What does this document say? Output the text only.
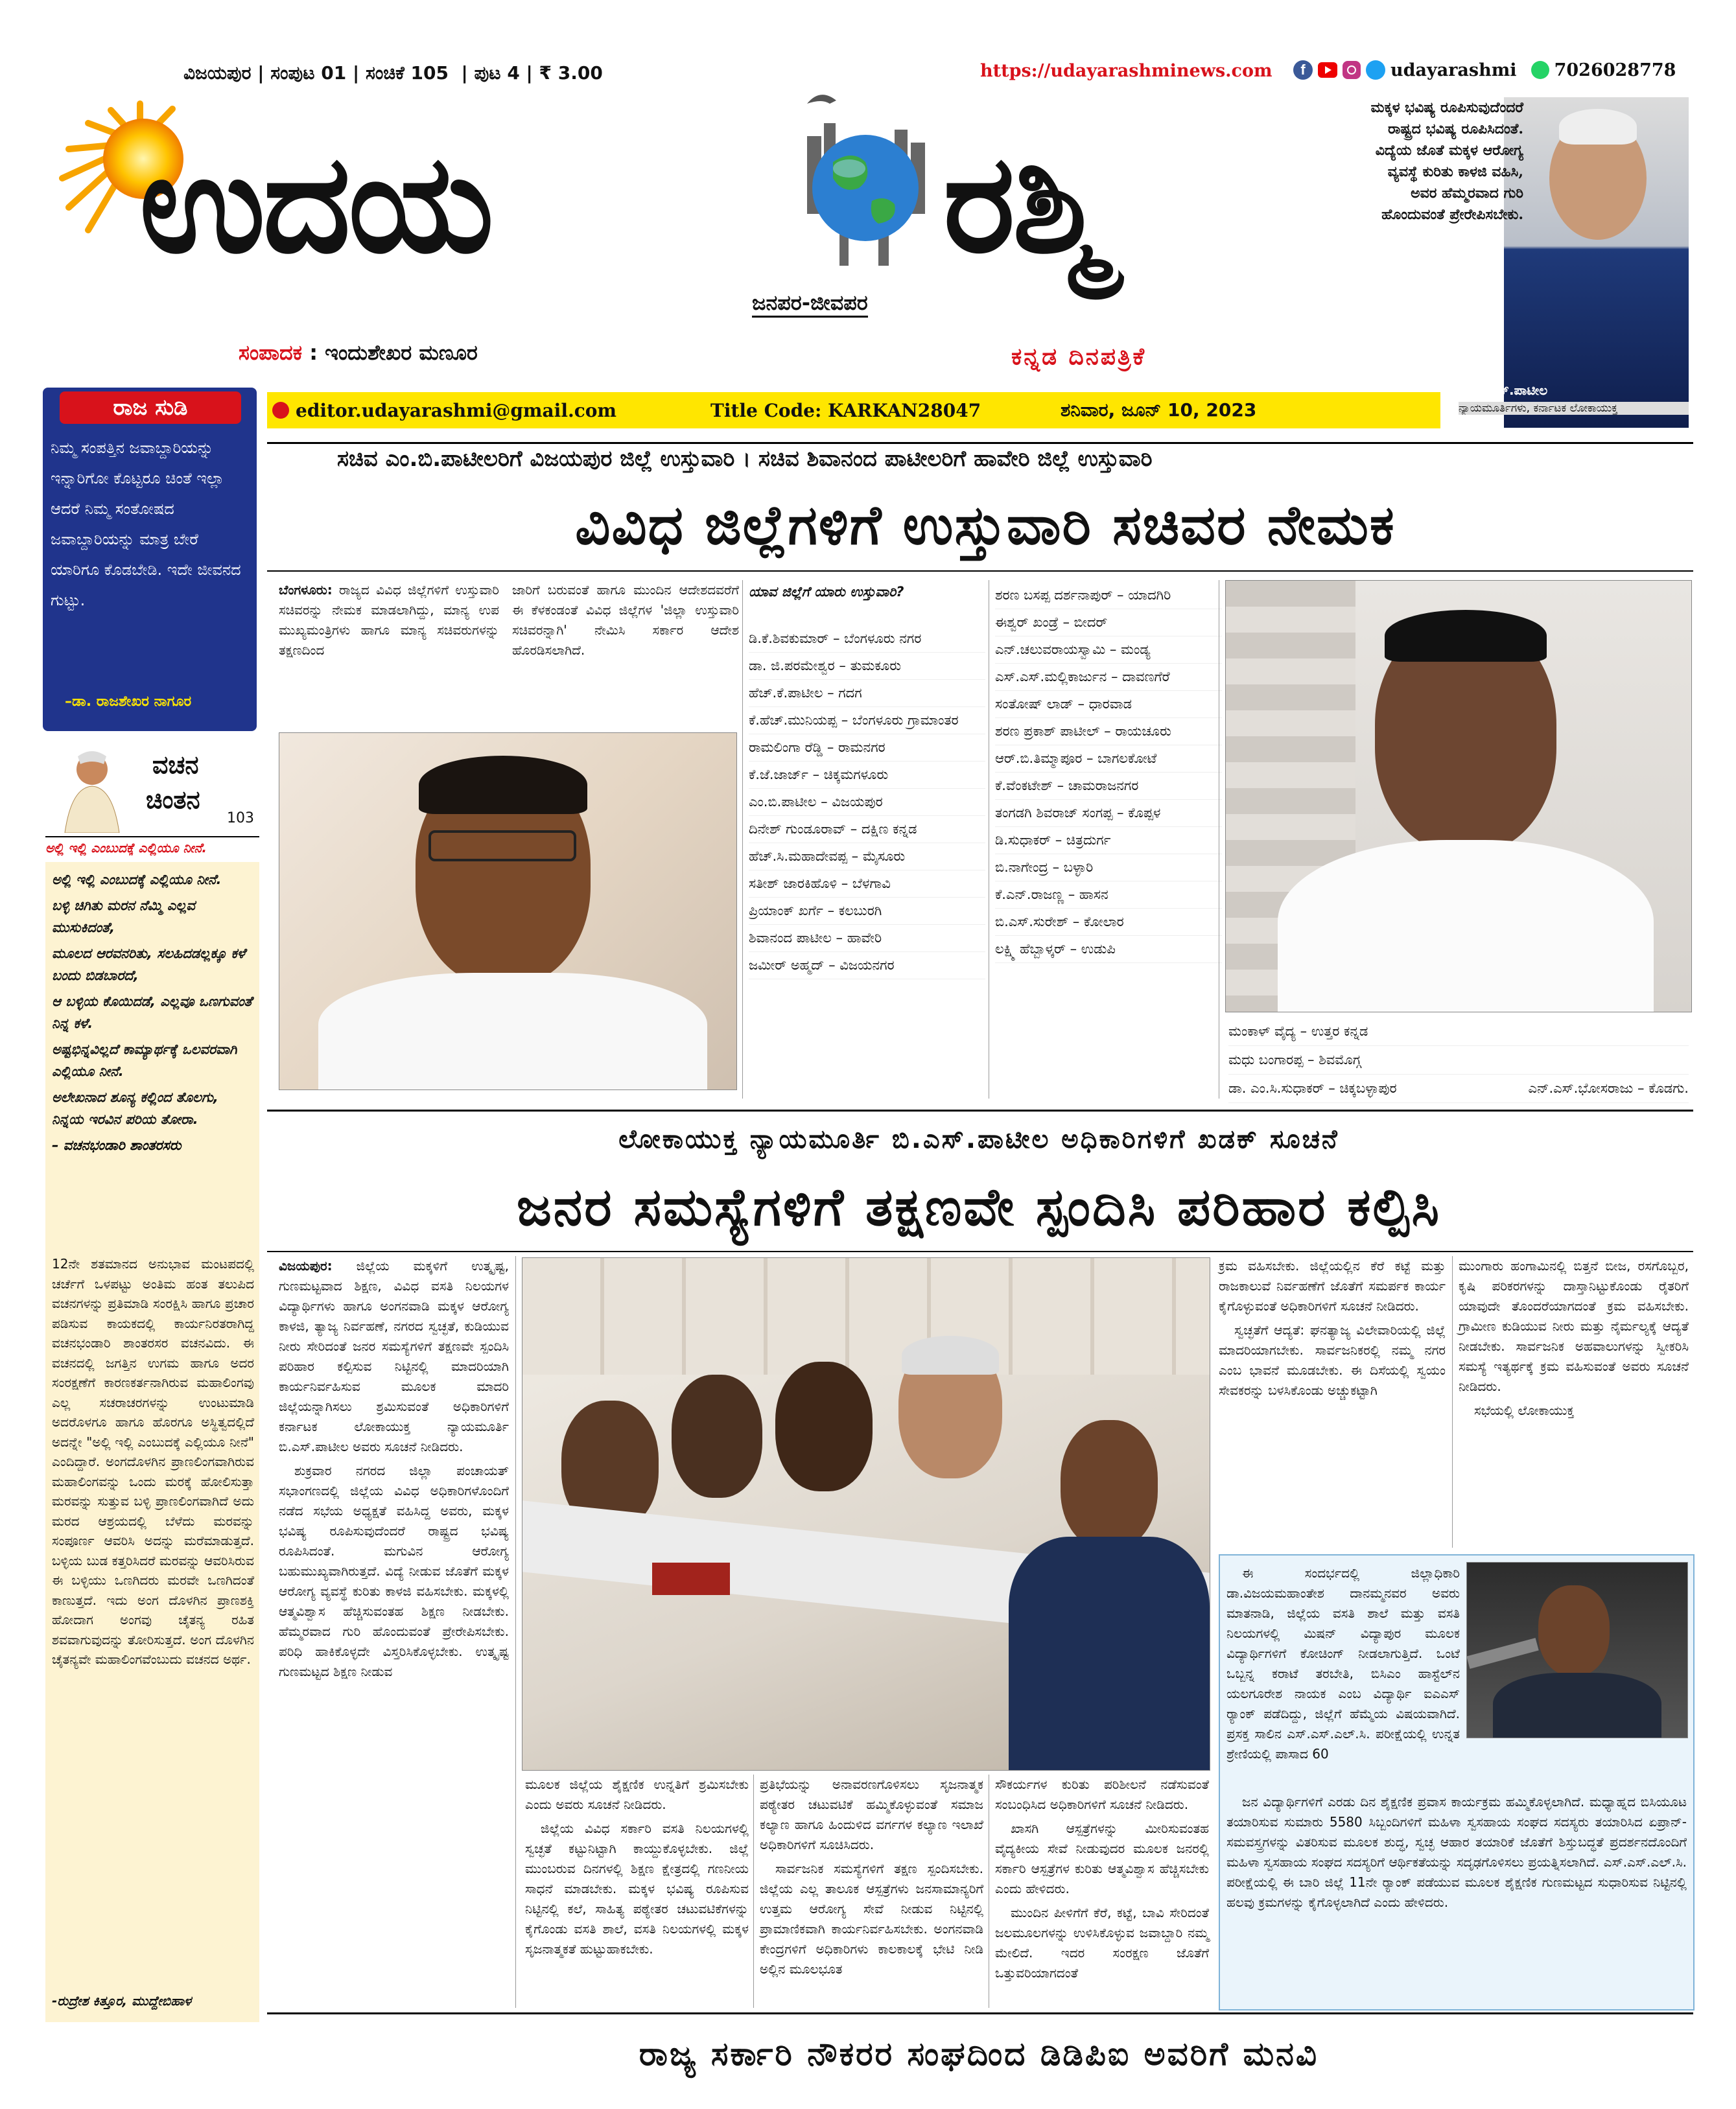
ವಿಜಯಪುರ | ಸಂಪುಟ 01 | ಸಂಚಿಕೆ 105  | ಪುಟ 4 | ₹ 3.00	https://udayarashminews.com	f	udayarashmi 7026028778
ಉದಯ	ರಶ್ಮಿ
ಜನಪರ-ಜೀವಪರ
ಸಂಪಾದಕ : ಇಂದುಶೇಖರ ಮಣೂರ	ಕನ್ನಡ ದಿನಪತ್ರಿಕೆ
editor.udayarashmi@gmail.com	Title Code: KARKAN28047	ಶನಿವಾರ, ಜೂನ್ 10, 2023
ಮಕ್ಕಳ ಭವಿಷ್ಯ ರೂಪಿಸುವುದೆಂದರೆ ರಾಷ್ಟ್ರದ ಭವಿಷ್ಯ ರೂಪಿಸಿದಂತೆ. ವಿದ್ಯೆಯ ಜೊತೆ ಮಕ್ಕಳ ಆರೋಗ್ಯ ವ್ಯವಸ್ಥೆ ಕುರಿತು ಕಾಳಜಿ ವಹಿಸಿ, ಅವರ ಹೆಮ್ಮರವಾದ ಗುರಿ ಹೊಂದುವಂತೆ ಪ್ರೇರೇಪಿಸಬೇಕು.
– ಬಿ.ಎಸ್.ಪಾಟೀಲ
ನ್ಯಾಯಮೂರ್ತಿಗಳು, ಕರ್ನಾಟಕ ಲೋಕಾಯುಕ್ತ
ರಾಜ ಸುಡಿ
ನಿಮ್ಮ ಸಂಪತ್ತಿನ ಜವಾಬ್ದಾರಿಯನ್ನು ಇನ್ನಾರಿಗೋ ಕೊಟ್ಟರೂ ಚಿಂತೆ ಇಲ್ಲಾ ಆದರೆ ನಿಮ್ಮ ಸಂತೋಷದ ಜವಾಬ್ದಾರಿಯನ್ನು ಮಾತ್ರ ಬೇರೆ ಯಾರಿಗೂ ಕೊಡಬೇಡಿ. ಇದೇ ಜೀವನದ ಗುಟ್ಟು.
–ಡಾ. ರಾಜಶೇಖರ ನಾಗೂರ
ವಚನ
ಚಿಂತನ
103
ಅಲ್ಲಿ ಇಲ್ಲಿ ಎಂಬುದಕ್ಕೆ ಎಲ್ಲಿಯೂ ನೀನೆ.
ಅಲ್ಲಿ ಇಲ್ಲಿ ಎಂಬುದಕ್ಕೆ ಎಲ್ಲಿಯೂ ನೀನೆ.
ಬಳ್ಳಿ ಚಿಗಿತು ಮರನ ನೆಮ್ಮಿ ಎಲ್ಲವ ಮುಸುಕಿದಂತೆ,
ಮೂಲದ ಆರವನರಿತು, ಸಲಹಿದಡಲ್ಲಕ್ಕೂ ಕಳೆ ಬಂದು ಬಿಡಬಾರದೆ,
ಆ ಬಳ್ಳಿಯ ಕೊಯಿದಡೆ, ಎಲ್ಲವೂ ಒಣಗುವಂತೆ ನಿನ್ನ ಕಳೆ.
ಅಷ್ಟಭಿನ್ನವಿಲ್ಲದೆ ಕಾಮ್ಯಾರ್ಥಕ್ಕೆ ಒಲವರವಾಗಿ ಎಲ್ಲಿಯೂ ನೀನೆ.
ಅಲೇಖನಾದ ಶೂನ್ಯ ಕಲ್ಲಿಂದ ತೊಲಗು, ನಿನ್ನಯ ಇರವಿನ ಪರಿಯ ತೋರಾ.
– ವಚನಭಂಡಾರಿ ಶಾಂತರಸರು
12ನೇ ಶತಮಾನದ ಅನುಭಾವ ಮಂಟಪದಲ್ಲಿ ಚರ್ಚೆಗೆ ಒಳಪಟ್ಟು ಅಂತಿಮ ಹಂತ ತಲುಪಿದ ವಚನಗಳನ್ನು ಪ್ರತಿಮಾಡಿ ಸಂರಕ್ಷಿಸಿ ಹಾಗೂ ಪ್ರಚಾರ ಪಡಿಸುವ ಕಾಯಕದಲ್ಲಿ ಕಾರ್ಯನಿರತರಾಗಿದ್ದ ವಚನಭಂಡಾರಿ ಶಾಂತರಸರ ವಚನವಿದು. ಈ ವಚನದಲ್ಲಿ ಜಗತ್ತಿನ ಉಗಮ ಹಾಗೂ ಅದರ ಸಂರಕ್ಷಣೆಗೆ ಕಾರಣಕರ್ತನಾಗಿರುವ ಮಹಾಲಿಂಗವು ಎಲ್ಲ ಸಚರಾಚರಗಳನ್ನು ಉಂಟುಮಾಡಿ ಅದರೊಳಗೂ ಹಾಗೂ ಹೊರಗೂ ಅಸ್ಥಿತ್ವದಲ್ಲಿದೆ ಅದನ್ನೇ "ಅಲ್ಲಿ ಇಲ್ಲಿ ಎಂಬುದಕ್ಕೆ ಎಲ್ಲಿಯೂ ನೀನೆ" ಎಂದಿದ್ದಾರೆ. ಅಂಗದೊಳಗಿನ ಪ್ರಾಣಲಿಂಗವಾಗಿರುವ ಮಹಾಲಿಂಗವನ್ನು ಒಂದು ಮರಕ್ಕೆ ಹೋಲಿಸುತ್ತಾ ಮರವನ್ನು ಸುತ್ತುವ ಬಳ್ಳಿ ಪ್ರಾಣಲಿಂಗವಾಗಿದೆ ಅದು ಮರದ ಆಶ್ರಯದಲ್ಲಿ ಬೆಳೆದು ಮರವನ್ನು ಸಂಪೂರ್ಣ ಆವರಿಸಿ ಅದನ್ನು ಮರೆಮಾಡುತ್ತದೆ. ಬಳ್ಳಿಯ ಬುಡ ಕತ್ತರಿಸಿದರೆ ಮರವನ್ನು ಆವರಿಸಿರುವ ಈ ಬಳ್ಳಿಯು ಒಣಗಿದರು ಮರವೇ ಒಣಗಿದಂತೆ ಕಾಣುತ್ತದೆ. ಇದು ಅಂಗ ದೊಳಗಿನ ಪ್ರಾಣಶಕ್ತಿ ಹೋದಾಗ ಅಂಗವು ಚೈತನ್ಯ ರಹಿತ ಶವವಾಗುವುದನ್ನು ತೋರಿಸುತ್ತದೆ. ಅಂಗ ದೊಳಗಿನ ಚೈತನ್ಯವೇ ಮಹಾಲಿಂಗವೆಂಬುದು ವಚನದ ಅರ್ಥ.
-ರುದ್ರೇಶ ಕಿತ್ತೂರ, ಮುದ್ದೇಬಿಹಾಳ
ಸಚಿವ ಎಂ.ಬಿ.ಪಾಟೀಲರಿಗೆ ವಿಜಯಪುರ ಜಿಲ್ಲೆ ಉಸ್ತುವಾರಿ । ಸಚಿವ ಶಿವಾನಂದ ಪಾಟೀಲರಿಗೆ ಹಾವೇರಿ ಜಿಲ್ಲೆ ಉಸ್ತುವಾರಿ
ವಿವಿಧ ಜಿಲ್ಲೆಗಳಿಗೆ ಉಸ್ತುವಾರಿ ಸಚಿವರ ನೇಮಕ

ಬೆಂಗಳೂರು: ರಾಜ್ಯದ ವಿವಿಧ ಜಿಲ್ಲೆಗಳಿಗೆ ಉಸ್ತುವಾರಿ ಸಚಿವರನ್ನು ನೇಮಕ ಮಾಡಲಾಗಿದ್ದು, ಮಾನ್ಯ ಉಪ ಮುಖ್ಯಮಂತ್ರಿಗಳು ಹಾಗೂ ಮಾನ್ಯ ಸಚಿವರುಗಳನ್ನು ತಕ್ಷಣದಿಂದ

ಜಾರಿಗೆ ಬರುವಂತೆ ಹಾಗೂ ಮುಂದಿನ ಆದೇಶದವರೆಗೆ ಈ ಕೆಳಕಂಡಂತೆ ವಿವಿಧ ಜಿಲ್ಲೆಗಳ 'ಜಿಲ್ಲಾ ಉಸ್ತುವಾರಿ ಸಚಿವರನ್ನಾಗಿ' ನೇಮಿಸಿ ಸರ್ಕಾರ ಆದೇಶ ಹೊರಡಿಸಲಾಗಿದೆ.

ಯಾವ ಜಿಲ್ಲೆಗೆ ಯಾರು ಉಸ್ತುವಾರಿ?
ಡಿ.ಕೆ.ಶಿವಕುಮಾರ್ – ಬೆಂಗಳೂರು ನಗರ
ಡಾ. ಜಿ.ಪರಮೇಶ್ವರ – ತುಮಕೂರು
ಹೆಚ್.ಕೆ.ಪಾಟೀಲ – ಗದಗ
ಕೆ.ಹೆಚ್.ಮುನಿಯಪ್ಪ – ಬೆಂಗಳೂರು ಗ್ರಾಮಾಂತರ
ರಾಮಲಿಂಗಾ ರೆಡ್ಡಿ – ರಾಮನಗರ
ಕೆ.ಜೆ.ಜಾರ್ಜ್ – ಚಿಕ್ಕಮಗಳೂರು
ಎಂ.ಬಿ.ಪಾಟೀಲ – ವಿಜಯಪುರ
ದಿನೇಶ್ ಗುಂಡೂರಾವ್ – ದಕ್ಷಿಣ ಕನ್ನಡ
ಹೆಚ್.ಸಿ.ಮಹಾದೇವಪ್ಪ – ಮೈಸೂರು
ಸತೀಶ್ ಜಾರಕಿಹೊಳಿ – ಬೆಳಗಾವಿ
ಪ್ರಿಯಾಂಕ್ ಖರ್ಗೆ – ಕಲಬುರಗಿ
ಶಿವಾನಂದ ಪಾಟೀಲ – ಹಾವೇರಿ
ಜಮೀರ್ ಅಹ್ಮದ್ – ವಿಜಯನಗರ
ಶರಣ ಬಸಪ್ಪ ದರ್ಶನಾಪುರ್ – ಯಾದಗಿರಿ
ಈಶ್ವರ್ ಖಂಡ್ರೆ – ಬೀದರ್
ಎನ್.ಚಲುವರಾಯಸ್ವಾಮಿ – ಮಂಡ್ಯ
ಎಸ್.ಎಸ್.ಮಲ್ಲಿಕಾರ್ಜುನ – ದಾವಣಗೆರೆ
ಸಂತೋಷ್ ಲಾಡ್ – ಧಾರವಾಡ
ಶರಣ ಪ್ರಕಾಶ್ ಪಾಟೀಲ್ – ರಾಯಚೂರು
ಆರ್.ಬಿ.ತಿಮ್ಮಾಪೂರ – ಬಾಗಲಕೋಟೆ
ಕೆ.ವೆಂಕಟೇಶ್ – ಚಾಮರಾಜನಗರ
ತಂಗಡಗಿ ಶಿವರಾಜ್ ಸಂಗಪ್ಪ – ಕೊಪ್ಪಳ
ಡಿ.ಸುಧಾಕರ್ – ಚಿತ್ರದುರ್ಗ
ಬಿ.ನಾಗೇಂದ್ರ – ಬಳ್ಳಾರಿ
ಕೆ.ಎನ್.ರಾಜಣ್ಣ – ಹಾಸನ
ಬಿ.ಎಸ್.ಸುರೇಶ್ – ಕೋಲಾರ
ಲಕ್ಷ್ಮಿ ಹೆಬ್ಬಾಳ್ಕರ್ – ಉಡುಪಿ
ಮಂಕಾಳ್ ವೈದ್ಯ – ಉತ್ತರ ಕನ್ನಡ
ಮಧು ಬಂಗಾರಪ್ಪ – ಶಿವಮೊಗ್ಗ
ಡಾ. ಎಂ.ಸಿ.ಸುಧಾಕರ್ – ಚಿಕ್ಕಬಳ್ಳಾಪುರ	ಎನ್.ಎಸ್.ಭೋಸರಾಜು – ಕೊಡಗು.
ಲೋಕಾಯುಕ್ತ ನ್ಯಾಯಮೂರ್ತಿ ಬಿ.ಎಸ್.ಪಾಟೀಲ ಅಧಿಕಾರಿಗಳಿಗೆ ಖಡಕ್ ಸೂಚನೆ
ಜನರ ಸಮಸ್ಯೆಗಳಿಗೆ ತಕ್ಷಣವೇ ಸ್ಪಂದಿಸಿ ಪರಿಹಾರ ಕಲ್ಪಿಸಿ

ವಿಜಯಪುರ: ಜಿಲ್ಲೆಯ ಮಕ್ಕಳಿಗೆ ಉತ್ಕೃಷ್ಟ, ಗುಣಮಟ್ಟವಾದ ಶಿಕ್ಷಣ, ವಿವಿಧ ವಸತಿ ನಿಲಯಗಳ ವಿದ್ಯಾರ್ಥಿಗಳು ಹಾಗೂ ಅಂಗನವಾಡಿ ಮಕ್ಕಳ ಆರೋಗ್ಯ ಕಾಳಜಿ, ತ್ಯಾಜ್ಯ ನಿರ್ವಹಣೆ, ನಗರದ ಸ್ವಚ್ಛತೆ, ಕುಡಿಯುವ ನೀರು ಸೇರಿದಂತೆ ಜನರ ಸಮಸ್ಯೆಗಳಿಗೆ ತಕ್ಷಣವೇ ಸ್ಪಂದಿಸಿ ಪರಿಹಾರ ಕಲ್ಪಿಸುವ ನಿಟ್ಟಿನಲ್ಲಿ ಮಾದರಿಯಾಗಿ ಕಾರ್ಯನಿರ್ವಹಿಸುವ ಮೂಲಕ ಮಾದರಿ ಜಿಲ್ಲೆಯನ್ನಾಗಿಸಲು ಶ್ರಮಿಸುವಂತೆ ಅಧಿಕಾರಿಗಳಿಗೆ ಕರ್ನಾಟಕ ಲೋಕಾಯುಕ್ತ ನ್ಯಾಯಮೂರ್ತಿ ಬಿ.ಎಸ್.ಪಾಟೀಲ ಅವರು ಸೂಚನೆ ನೀಡಿದರು.

ಶುಕ್ರವಾರ ನಗರದ ಜಿಲ್ಲಾ ಪಂಚಾಯತ್ ಸಭಾಂಗಣದಲ್ಲಿ ಜಿಲ್ಲೆಯ ವಿವಿಧ ಅಧಿಕಾರಿಗಳೊಂದಿಗೆ ನಡೆದ ಸಭೆಯ ಅಧ್ಯಕ್ಷತೆ ವಹಿಸಿದ್ದ ಅವರು, ಮಕ್ಕಳ ಭವಿಷ್ಯ ರೂಪಿಸುವುದೆಂದರೆ ರಾಷ್ಟ್ರದ ಭವಿಷ್ಯ ರೂಪಿಸಿದಂತೆ. ಮಗುವಿನ ಆರೋಗ್ಯ ಬಹುಮುಖ್ಯವಾಗಿರುತ್ತದೆ. ವಿದ್ಯೆ ನೀಡುವ ಜೊತೆಗೆ ಮಕ್ಕಳ ಆರೋಗ್ಯ ವ್ಯವಸ್ಥೆ ಕುರಿತು ಕಾಳಜಿ ವಹಿಸಬೇಕು. ಮಕ್ಕಳಲ್ಲಿ ಆತ್ಮವಿಶ್ವಾಸ ಹೆಚ್ಚಿಸುವಂತಹ ಶಿಕ್ಷಣ ನೀಡಬೇಕು. ಹೆಮ್ಮರವಾದ ಗುರಿ ಹೊಂದುವಂತೆ ಪ್ರೇರೇಪಿಸಬೇಕು. ಪರಿಧಿ ಹಾಕಿಕೊಳ್ಳದೇ ವಿಸ್ತರಿಸಿಕೊಳ್ಳಬೇಕು. ಉತ್ಕೃಷ್ಟ ಗುಣಮಟ್ಟದ ಶಿಕ್ಷಣ ನೀಡುವ

ಮೂಲಕ ಜಿಲ್ಲೆಯ ಶೈಕ್ಷಣಿಕ ಉನ್ನತಿಗೆ ಶ್ರಮಿಸಬೇಕು ಎಂದು ಅವರು ಸೂಚನೆ ನೀಡಿದರು.

ಜಿಲ್ಲೆಯ ವಿವಿಧ ಸರ್ಕಾರಿ ವಸತಿ ನಿಲಯಗಳಲ್ಲಿ ಸ್ವಚ್ಛತೆ ಕಟ್ಟುನಿಟ್ಟಾಗಿ ಕಾಯ್ದುಕೊಳ್ಳಬೇಕು. ಜಿಲ್ಲೆ ಮುಂಬರುವ ದಿನಗಳಲ್ಲಿ ಶಿಕ್ಷಣ ಕ್ಷೇತ್ರದಲ್ಲಿ ಗಣನೀಯ ಸಾಧನೆ ಮಾಡಬೇಕು. ಮಕ್ಕಳ ಭವಿಷ್ಯ ರೂಪಿಸುವ ನಿಟ್ಟಿನಲ್ಲಿ ಕಲೆ, ಸಾಹಿತ್ಯ ಪಠ್ಯೇತರ ಚಟುವಟಿಕೆಗಳನ್ನು ಕೈಗೊಂಡು ವಸತಿ ಶಾಲೆ, ವಸತಿ ನಿಲಯಗಳಲ್ಲಿ ಮಕ್ಕಳ ಸೃಜನಾತ್ಮಕತೆ ಹುಟ್ಟುಹಾಕಬೇಕು.

ಪ್ರತಿಭೆಯನ್ನು ಅನಾವರಣಗೊಳಿಸಲು ಸೃಜನಾತ್ಮಕ ಪಠ್ಯೇತರ ಚಟುವಟಿಕೆ ಹಮ್ಮಿಕೊಳ್ಳುವಂತೆ ಸಮಾಜ ಕಲ್ಯಾಣ ಹಾಗೂ ಹಿಂದುಳಿದ ವರ್ಗಗಳ ಕಲ್ಯಾಣ ಇಲಾಖೆ ಅಧಿಕಾರಿಗಳಿಗೆ ಸೂಚಿಸಿದರು.

ಸಾರ್ವಜನಿಕ ಸಮಸ್ಯೆಗಳಿಗೆ ತಕ್ಷಣ ಸ್ಪಂದಿಸಬೇಕು. ಜಿಲ್ಲೆಯ ಎಲ್ಲ ತಾಲೂಕ ಆಸ್ಪತ್ರೆಗಳು ಜನಸಾಮಾನ್ಯರಿಗೆ ಉತ್ತಮ ಆರೋಗ್ಯ ಸೇವೆ ನೀಡುವ ನಿಟ್ಟಿನಲ್ಲಿ ಪ್ರಾಮಾಣಿಕವಾಗಿ ಕಾರ್ಯನಿರ್ವಹಿಸಬೇಕು. ಅಂಗನವಾಡಿ ಕೇಂದ್ರಗಳಿಗೆ ಅಧಿಕಾರಿಗಳು ಕಾಲಕಾಲಕ್ಕೆ ಭೇಟಿ ನೀಡಿ ಅಲ್ಲಿನ ಮೂಲಭೂತ

ಸೌಕರ್ಯಗಳ ಕುರಿತು ಪರಿಶೀಲನೆ ನಡೆಸುವಂತೆ ಸಂಬಂಧಿಸಿದ ಅಧಿಕಾರಿಗಳಿಗೆ ಸೂಚನೆ ನೀಡಿದರು.

ಖಾಸಗಿ ಆಸ್ಪತ್ರೆಗಳನ್ನು ಮೀರಿಸುವಂತಹ ವೈದ್ಯಕೀಯ ಸೇವೆ ನೀಡುವುದರ ಮೂಲಕ ಜನರಲ್ಲಿ ಸರ್ಕಾರಿ ಆಸ್ಪತ್ರೆಗಳ ಕುರಿತು ಆತ್ಮವಿಶ್ವಾಸ ಹೆಚ್ಚಿಸಬೇಕು ಎಂದು ಹೇಳಿದರು.

ಮುಂದಿನ ಪೀಳಿಗೆಗೆ ಕೆರೆ, ಕಟ್ಟೆ, ಬಾವಿ ಸೇರಿದಂತೆ ಜಲಮೂಲಗಳನ್ನು ಉಳಿಸಿಕೊಳ್ಳುವ ಜವಾಬ್ದಾರಿ ನಮ್ಮ ಮೇಲಿದೆ. ಇದರ ಸಂರಕ್ಷಣ ಜೊತೆಗೆ ಒತ್ತುವರಿಯಾಗದಂತೆ

ಕ್ರಮ ವಹಿಸಬೇಕು. ಜಿಲ್ಲೆಯಲ್ಲಿನ ಕೆರೆ ಕಟ್ಟೆ ಮತ್ತು ರಾಜಕಾಲುವೆ ನಿರ್ವಹಣೆಗೆ ಜೊತೆಗೆ ಸಮರ್ಪಕ ಕಾರ್ಯ ಕೈಗೊಳ್ಳುವಂತೆ ಅಧಿಕಾರಿಗಳಿಗೆ ಸೂಚನೆ ನೀಡಿದರು.

ಸ್ವಚ್ಛತೆಗೆ ಆದ್ಯತೆ: ಘನತ್ಯಾಜ್ಯ ವಿಲೇವಾರಿಯಲ್ಲಿ ಜಿಲ್ಲೆ ಮಾದರಿಯಾಗಬೇಕು. ಸಾರ್ವಜನಿಕರಲ್ಲಿ ನಮ್ಮ ನಗರ ಎಂಬ ಭಾವನೆ ಮೂಡಬೇಕು. ಈ ದಿಸೆಯಲ್ಲಿ ಸ್ವಯಂ ಸೇವಕರನ್ನು ಬಳಸಿಕೊಂಡು ಅಚ್ಚುಕಟ್ಟಾಗಿ

ಮುಂಗಾರು ಹಂಗಾಮಿನಲ್ಲಿ ಬಿತ್ತನೆ ಬೀಜ, ರಸಗೊಬ್ಬರ, ಕೃಷಿ ಪರಿಕರಗಳನ್ನು ದಾಸ್ತಾನಿಟ್ಟುಕೊಂಡು ರೈತರಿಗೆ ಯಾವುದೇ ತೊಂದರೆಯಾಗದಂತೆ ಕ್ರಮ ವಹಿಸಬೇಕು. ಗ್ರಾಮೀಣ ಕುಡಿಯುವ ನೀರು ಮತ್ತು ನೈರ್ಮಲ್ಯಕ್ಕೆ ಆದ್ಯತೆ ನೀಡಬೇಕು. ಸಾರ್ವಜನಿಕ ಅಹವಾಲುಗಳನ್ನು ಸ್ವೀಕರಿಸಿ ಸಮಸ್ಯೆ ಇತ್ಯರ್ಥಕ್ಕೆ ಕ್ರಮ ವಹಿಸುವಂತೆ ಅವರು ಸೂಚನೆ ನೀಡಿದರು.

ಸಭೆಯಲ್ಲಿ ಲೋಕಾಯುಕ್ತ

ಈ ಸಂದರ್ಭದಲ್ಲಿ ಜಿಲ್ಲಾಧಿಕಾರಿ ಡಾ.ವಿಜಯಮಹಾಂತೇಶ ದಾನಮ್ಮನವರ ಅವರು ಮಾತನಾಡಿ, ಜಿಲ್ಲೆಯ ವಸತಿ ಶಾಲೆ ಮತ್ತು ವಸತಿ ನಿಲಯಗಳಲ್ಲಿ ಮಿಷನ್ ವಿದ್ಯಾಪುರ ಮೂಲಕ ವಿದ್ಯಾರ್ಥಿಗಳಿಗೆ ಕೋಚಿಂಗ್ ನೀಡಲಾಗುತ್ತಿದೆ. ಒಂಟೆ ಒಬ್ಬನ್ನ ಕರಾಟೆ ತರಬೇತಿ, ಬಿಸಿಎಂ ಹಾಸ್ಟೆಲ್‌ನ ಯಲಗೂರೇಶ ನಾಯಕ ಎಂಬ ವಿದ್ಯಾರ್ಥಿ ಐಎಎಸ್ ರ್‍ಯಾಂಕ್ ಪಡೆದಿದ್ದು, ಜಿಲ್ಲೆಗೆ ಹೆಮ್ಮೆಯ ವಿಷಯವಾಗಿದೆ. ಪ್ರಸಕ್ತ ಸಾಲಿನ ಎಸ್.ಎಸ್.ಎಲ್.ಸಿ. ಪರೀಕ್ಷೆಯಲ್ಲಿ ಉನ್ನತ ಶ್ರೇಣಿಯಲ್ಲಿ ಪಾಸಾದ 60

ಜನ ವಿದ್ಯಾರ್ಥಿಗಳಿಗೆ ಎರಡು ದಿನ ಶೈಕ್ಷಣಿಕ ಪ್ರವಾಸ ಕಾರ್ಯಕ್ರಮ ಹಮ್ಮಿಕೊಳ್ಳಲಾಗಿದೆ. ಮಧ್ಯಾಹ್ನದ ಬಿಸಿಯೂಟ ತಯಾರಿಸುವ ಸುಮಾರು 5580 ಸಿಬ್ಬಂದಿಗಳಿಗೆ ಮಹಿಳಾ ಸ್ವಸಹಾಯ ಸಂಘದ ಸದಸ್ಯರು ತಯಾರಿಸಿದ ಏಪ್ರಾನ್-ಸಮವಸ್ತ್ರಗಳನ್ನು ವಿತರಿಸುವ ಮೂಲಕ ಶುದ್ಧ, ಸ್ವಚ್ಛ ಆಹಾರ ತಯಾರಿಕೆ ಜೊತೆಗೆ ಶಿಸ್ತುಬದ್ಧತೆ ಪ್ರದರ್ಶನದೊಂದಿಗೆ ಮಹಿಳಾ ಸ್ವಸಹಾಯ ಸಂಘದ ಸದಸ್ಯರಿಗೆ ಆರ್ಥಿಕತೆಯನ್ನು ಸದೃಢಗೊಳಿಸಲು ಪ್ರಯತ್ನಿಸಲಾಗಿದೆ. ಎಸ್.ಎಸ್.ಎಲ್.ಸಿ. ಪರೀಕ್ಷೆಯಲ್ಲಿ ಈ ಬಾರಿ ಜಿಲ್ಲೆ 11ನೇ ರ್‍ಯಾಂಕ್ ಪಡೆಯುವ ಮೂಲಕ ಶೈಕ್ಷಣಿಕ ಗುಣಮಟ್ಟದ ಸುಧಾರಿಸುವ ನಿಟ್ಟಿನಲ್ಲಿ ಹಲವು ಕ್ರಮಗಳನ್ನು ಕೈಗೊಳ್ಳಲಾಗಿದೆ ಎಂದು ಹೇಳಿದರು.

ರಾಜ್ಯ ಸರ್ಕಾರಿ ನೌಕರರ ಸಂಘದಿಂದ ಡಿಡಿಪಿಐ ಅವರಿಗೆ ಮನವಿ
